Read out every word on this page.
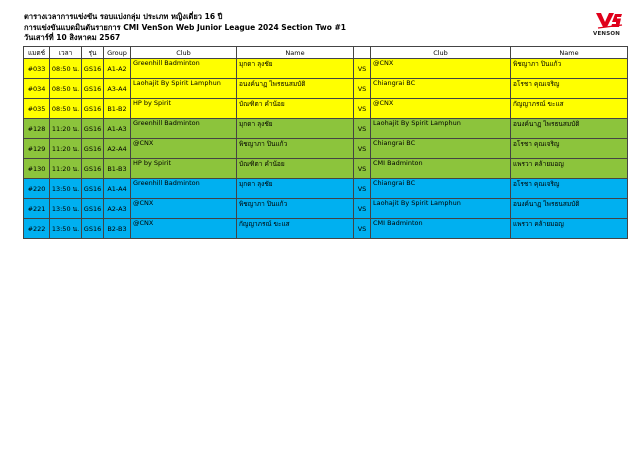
ตารางเวลาการแข่งขัน รอบแบ่งกลุ่ม ประเภท หญิงเดี่ยว 16 ปี
การแข่งขันแบดมินตันรายการ CMI VenSon Web Junior League 2024 Section Two #1
วันเสาร์ที่ 10 สิงหาคม 2567	VENSON
แมตช์	เวลา	รุ่น	Group	Club	Name		Club	Name
#033	08:50 น.	GS16	A1-A2	Greenhill Badminton	มุกดา ลุงชัย	VS	@CNX	พิชญาภา ปินแก้ว
#034	08:50 น.	GS16	A3-A4	Laohajit By Spirit Lamphun	อนงค์นาฏ ไพรธนสมบัติ	VS	Chiangrai BC	อโรชา คุณเจริญ
#035	08:50 น.	GS16	B1-B2	HP by Spirit	บัณฑิตา คำน้อย	VS	@CNX	กัญญาภรณ์ ขะแส
#128	11:20 น.	GS16	A1-A3	Greenhill Badminton	มุกดา ลุงชัย	VS	Laohajit By Spirit Lamphun	อนงค์นาฏ ไพรธนสมบัติ
#129	11:20 น.	GS16	A2-A4	@CNX	พิชญาภา ปินแก้ว	VS	Chiangrai BC	อโรชา คุณเจริญ
#130	11:20 น.	GS16	B1-B3	HP by Spirit	บัณฑิตา คำน้อย	VS	CMI Badminton	แพรวา คล้ายมอญ
#220	13:50 น.	GS16	A1-A4	Greenhill Badminton	มุกดา ลุงชัย	VS	Chiangrai BC	อโรชา คุณเจริญ
#221	13:50 น.	GS16	A2-A3	@CNX	พิชญาภา ปินแก้ว	VS	Laohajit By Spirit Lamphun	อนงค์นาฏ ไพรธนสมบัติ
#222	13:50 น.	GS16	B2-B3	@CNX	กัญญาภรณ์ ขะแส	VS	CMI Badminton	แพรวา คล้ายมอญ
